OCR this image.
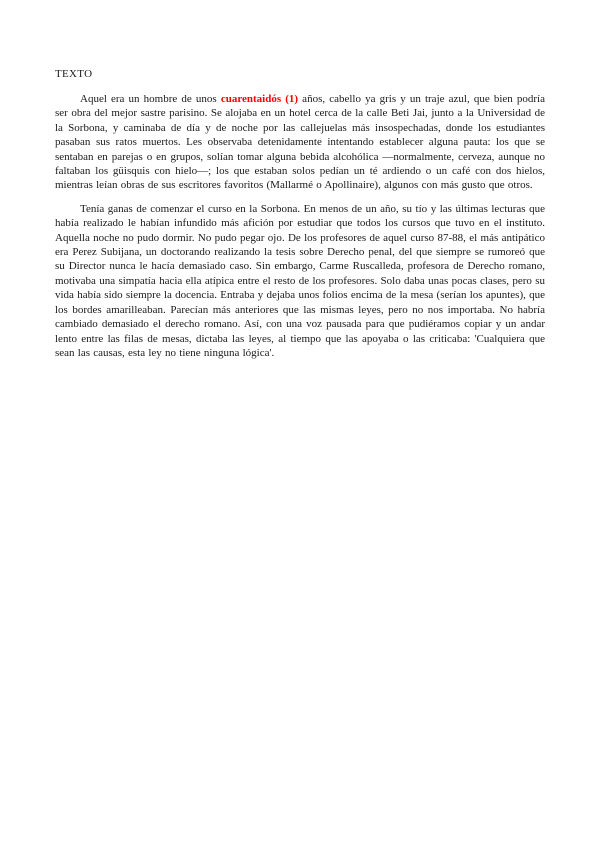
TEXTO

Aquel era un hombre de unos cuarentaidós (1) años, cabello ya gris y un traje azul, que bien podría ser obra del mejor sastre parisino. Se alojaba en un hotel cerca de la calle Beti Jai, junto a la Universidad de la Sorbona, y caminaba de día y de noche por las callejuelas más insospechadas, donde los estudiantes pasaban sus ratos muertos. Les observaba detenidamente intentando establecer alguna pauta: los que se sentaban en parejas o en grupos, solían tomar alguna bebida alcohólica —normalmente, cerveza, aunque no faltaban los güisquis con hielo—; los que estaban solos pedían un té ardiendo o un café con dos hielos, mientras leían obras de sus escritores favoritos (Mallarmé o Apollinaire), algunos con más gusto que otros.

Tenía ganas de comenzar el curso en la Sorbona. En menos de un año, su tío y las últimas lecturas que había realizado le habían infundido más afición por estudiar que todos los cursos que tuvo en el instituto. Aquella noche no pudo dormir. No pudo pegar ojo. De los profesores de aquel curso 87-88, el más antipático era Perez Subijana, un doctorando realizando la tesis sobre Derecho penal, del que siempre se rumoreó que su Director nunca le hacía demasiado caso. Sin embargo, Carme Ruscalleda, profesora de Derecho romano, motivaba una simpatía hacia ella atípica entre el resto de los profesores. Solo daba unas pocas clases, pero su vida había sido siempre la docencia. Entraba y dejaba unos folios encima de la mesa (serían los apuntes), que los bordes amarilleaban. Parecían más anteriores que las mismas leyes, pero no nos importaba. No habría cambiado demasiado el derecho romano. Así, con una voz pausada para que pudiéramos copiar y un andar lento entre las filas de mesas, dictaba las leyes, al tiempo que las apoyaba o las criticaba: 'Cualquiera que sean las causas, esta ley no tiene ninguna lógica'.
